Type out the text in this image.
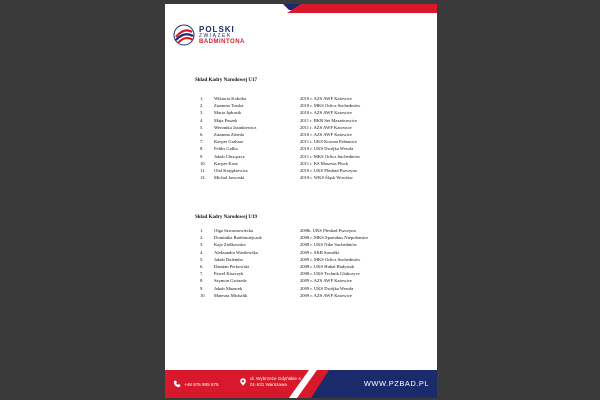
POLSKI
ZWIĄZEK
BADMINTONA
Skład Kadry Narodowej U17
1.	Wiktoria Kołotka	2010 r. AZS AWF Katowice
2.	Zuzanna Turska	2010 r. MKS Orlicz Suchedniów
3.	Maria Jędrasik	2010 r. AZS AWF Katowice
4.	Maja Paszek	2011 r. BKB Set Mazańcowice
5.	Weronika Jasinkiewicz	2011 r. AZS AWF Katowice
6.	Zuzanna Ziemla	2010 r. AZS AWF Katowice
7.	Kacper Graharz	2011 r. UKS Korona Pabianice
8.	Feliks Gołka	2010 r. UKS Dwójka Wesoła
9.	Jakub Chrząszcz	2011 r. MKS Orlicz Suchedniów
10.	Kacper Kosz	2011 r. KS Masovia Płock
11.	Olaf Krajękiewicz	2010 r. UKS Plesbad Pszczyna
12.	Michał Jaworski	2010 r. WKS Śląsk Wrocław
Skład Kadry Narodowej U19
1.	Olga Szwarnowiecka	2008r. UKS Plesbad Pszczyna
2.	Dominika Bartłomiejczuk	2008 r. MKS Spartakus Niepołomice
3.	Kaja Ziółkowska	2008 r. UKS Nike Suchedniów
4.	Aleksandra Wasilewska	2009 r. SKB Suwałki
5.	Jakub Dulemba	2009 r. MKS Orlicz Suchedniów
6.	Damian Perkowski	2008 r. UKS Hubal Białystok
7.	Paweł Kiszczyk	2008 r. UKS Technik Głubczyce
8.	Szymon Gwiazda	2009 r. AZS AWF Katowice
9.	Jakub Mazurek	2009 r. UKS Dwójka Wesoła
10.	Mateusz Michalik	2009 r. AZS AWF Katowice
+48 575 905 675
ul. Wybrzeże Gdyńskie 4
01-531 Warszawa	WWW.PZBAD.PL
